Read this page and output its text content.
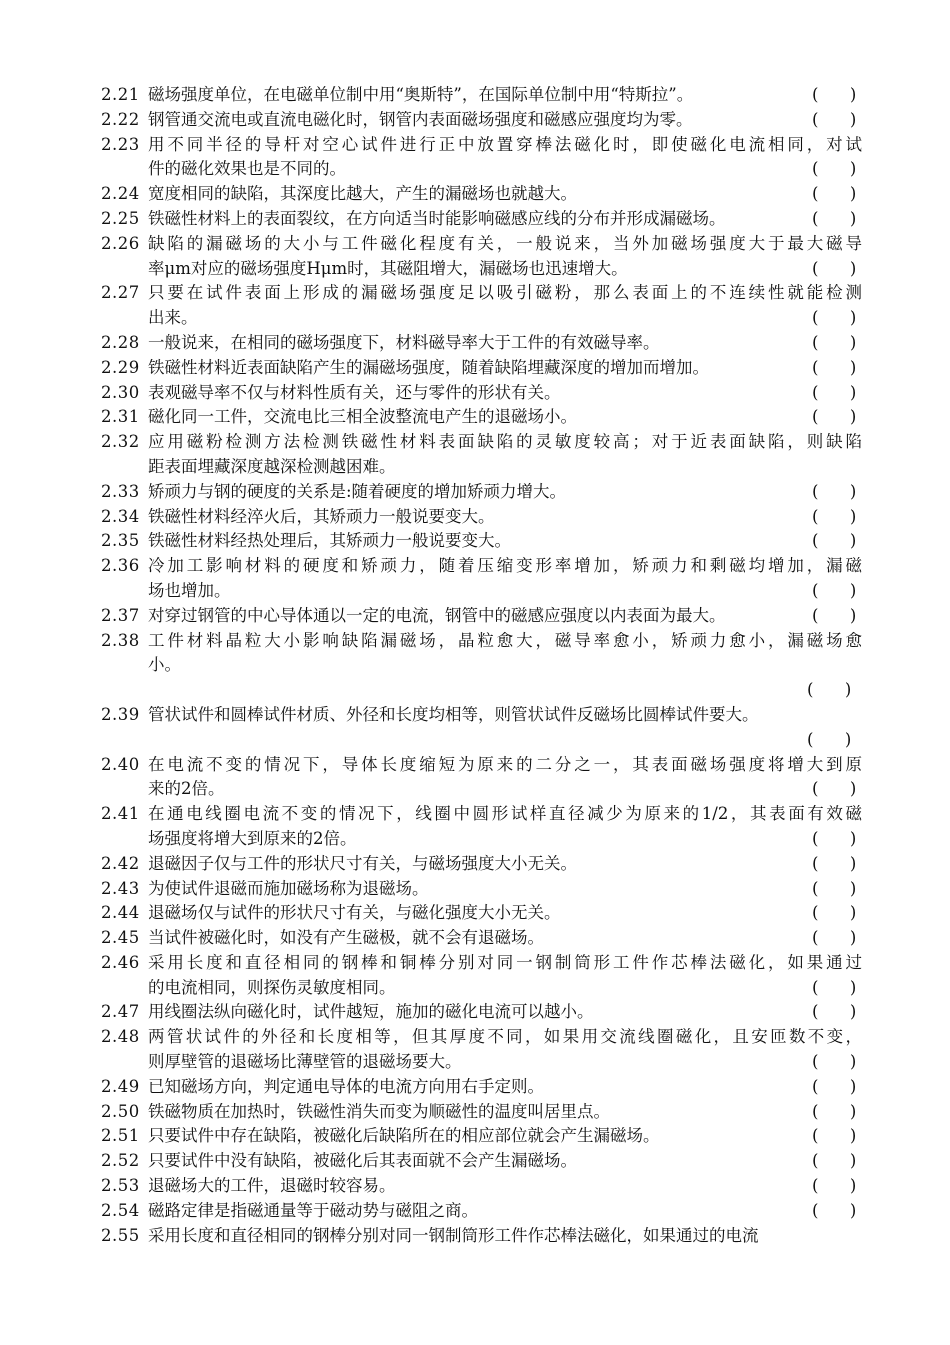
2.21 磁场强度单位，在电磁单位制中用“奥斯特”，在国际单位制中用“特斯拉”。	(      )
2.22 钢管通交流电或直流电磁化时，钢管内表面磁场强度和磁感应强度均为零。	(      )
2.23 用不同半径的导杆对空心试件进行正中放置穿棒法磁化时，即使磁化电流相同，对试
件的磁化效果也是不同的。	(      )
2.24 宽度相同的缺陷，其深度比越大，产生的漏磁场也就越大。	(      )
2.25 铁磁性材料上的表面裂纹，在方向适当时能影响磁感应线的分布并形成漏磁场。	(      )
2.26 缺陷的漏磁场的大小与工件磁化程度有关，一般说来，当外加磁场强度大于最大磁导
率μm对应的磁场强度Hμm时，其磁阻增大，漏磁场也迅速增大。	(      )
2.27 只要在试件表面上形成的漏磁场强度足以吸引磁粉，那么表面上的不连续性就能检测
出来。	(      )
2.28 一般说来，在相同的磁场强度下，材料磁导率大于工件的有效磁导率。	(      )
2.29 铁磁性材料近表面缺陷产生的漏磁场强度，随着缺陷埋藏深度的增加而增加。	(      )
2.30 表观磁导率不仅与材料性质有关，还与零件的形状有关。	(      )
2.31 磁化同一工件，交流电比三相全波整流电产生的退磁场小。	(      )
2.32 应用磁粉检测方法检测铁磁性材料表面缺陷的灵敏度较高；对于近表面缺陷，则缺陷
距表面埋藏深度越深检测越困难。
2.33 矫顽力与钢的硬度的关系是:随着硬度的增加矫顽力增大。	(      )
2.34 铁磁性材料经淬火后，其矫顽力一般说要变大。	(      )
2.35 铁磁性材料经热处理后，其矫顽力一般说要变大。	(      )
2.36 冷加工影响材料的硬度和矫顽力，随着压缩变形率增加，矫顽力和剩磁均增加，漏磁
场也增加。	(      )
2.37 对穿过钢管的中心导体通以一定的电流，钢管中的磁感应强度以内表面为最大。	(      )
2.38 工件材料晶粒大小影响缺陷漏磁场，晶粒愈大，磁导率愈小，矫顽力愈小，漏磁场愈
小。
(      )
2.39 管状试件和圆棒试件材质、外径和长度均相等，则管状试件反磁场比圆棒试件要大。
(      )
2.40 在电流不变的情况下，导体长度缩短为原来的二分之一，其表面磁场强度将增大到原
来的2倍。	(      )
2.41 在通电线圈电流不变的情况下，线圈中圆形试样直径减少为原来的1/2，其表面有效磁
场强度将增大到原来的2倍。	(      )
2.42 退磁因子仅与工件的形状尺寸有关，与磁场强度大小无关。	(      )
2.43 为使试件退磁而施加磁场称为退磁场。	(      )
2.44 退磁场仅与试件的形状尺寸有关，与磁化强度大小无关。	(      )
2.45 当试件被磁化时，如没有产生磁极，就不会有退磁场。	(      )
2.46 采用长度和直径相同的钢棒和铜棒分别对同一钢制筒形工件作芯棒法磁化，如果通过
的电流相同，则探伤灵敏度相同。	(      )
2.47 用线圈法纵向磁化时，试件越短，施加的磁化电流可以越小。	(      )
2.48 两管状试件的外径和长度相等，但其厚度不同，如果用交流线圈磁化，且安匝数不变，
则厚壁管的退磁场比薄壁管的退磁场要大。	(      )
2.49 已知磁场方向，判定通电导体的电流方向用右手定则。	(      )
2.50 铁磁物质在加热时，铁磁性消失而变为顺磁性的温度叫居里点。	(      )
2.51 只要试件中存在缺陷，被磁化后缺陷所在的相应部位就会产生漏磁场。	(      )
2.52 只要试件中没有缺陷，被磁化后其表面就不会产生漏磁场。	(      )
2.53 退磁场大的工件，退磁时较容易。	(      )
2.54 磁路定律是指磁通量等于磁动势与磁阻之商。	(      )
2.55 采用长度和直径相同的钢棒分别对同一钢制筒形工件作芯棒法磁化，如果通过的电流
